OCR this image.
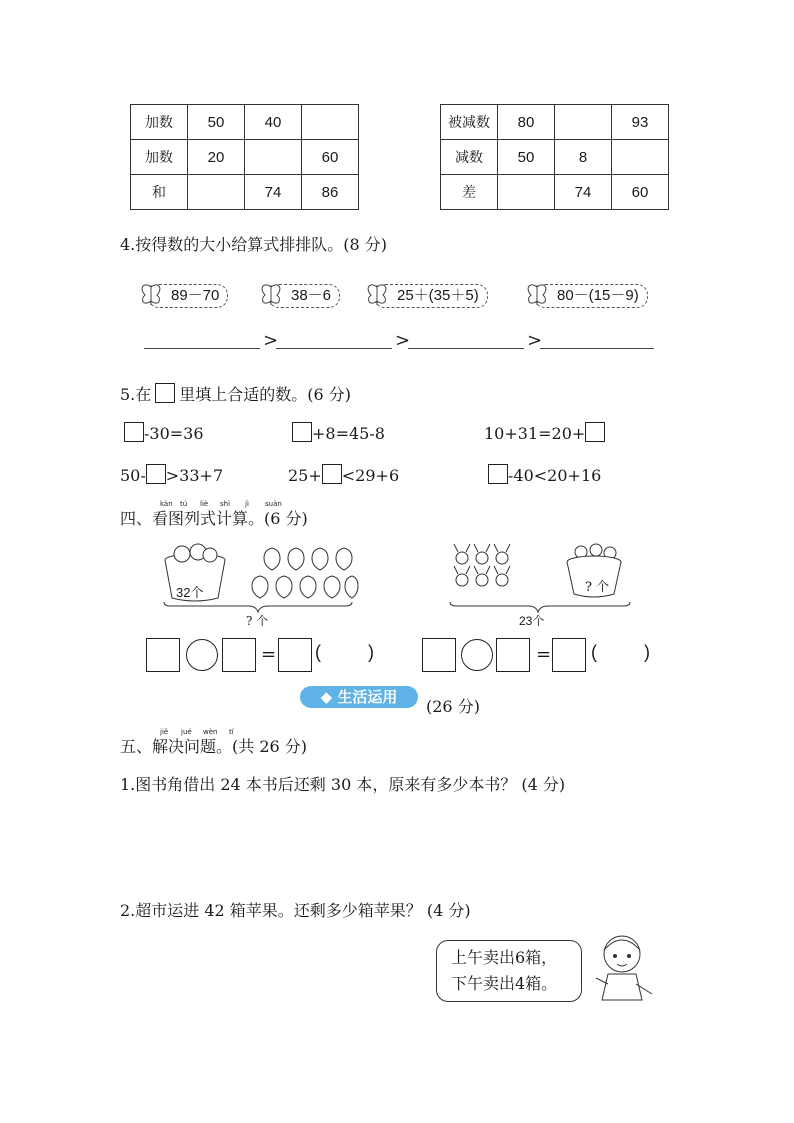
加数	50	40	
加数	20		60
和		74	86
被减数	80		93
减数	50	8	
差		74	60
4.按得数的大小给算式排排队。(8 分)
89－70	38－6	25＋(35＋5)	80－(15－9)
>	>	>
5.在 里填上合适的数。(6 分)
-30=36	+8=45-8	10+31=20+
50- >33+7	25+ <29+6	-40<20+16
kàn tú liè shì jì suàn
四、看图列式计算。(6 分)
32个
? 个
? 个
23个
= (	)	= (	)
◆ 生活运用	(26 分)
jiě jué wèn tí
五、解决问题。(共 26 分)
1.图书角借出 24 本书后还剩 30 本，原来有多少本书？ (4 分)
2.超市运进 42 箱苹果。还剩多少箱苹果？ (4 分)
上午卖出6箱，
下午卖出4箱。
